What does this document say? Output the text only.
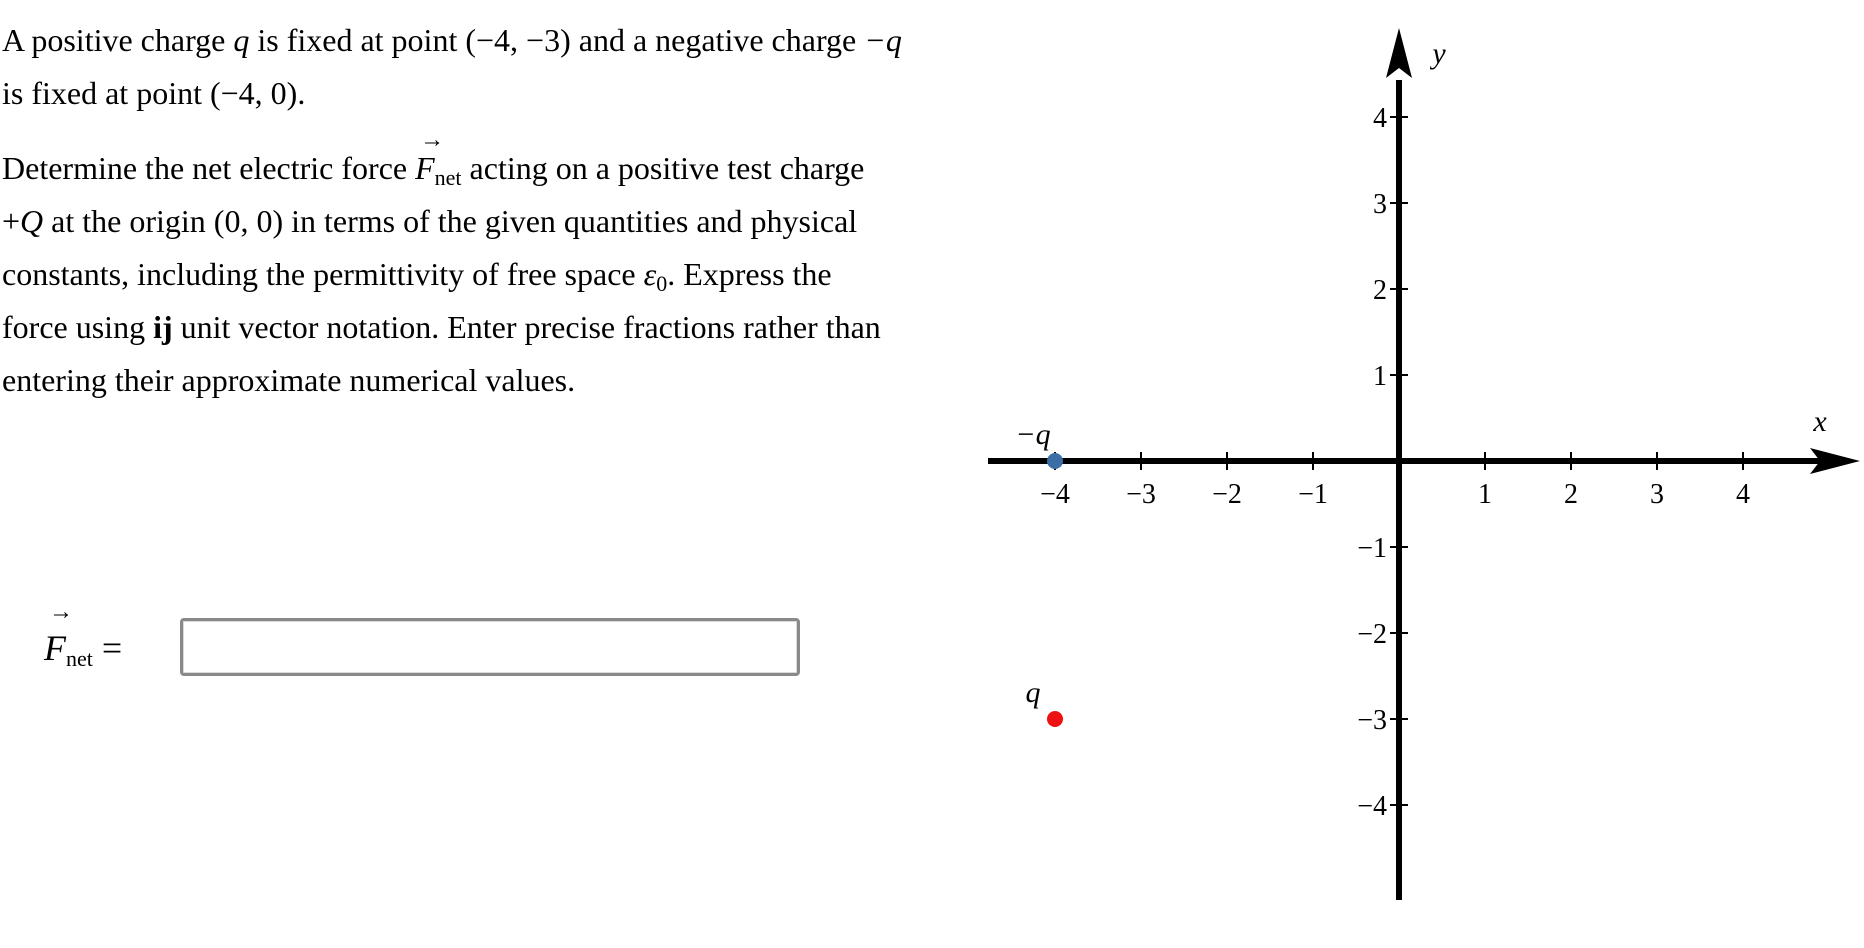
A positive charge q is fixed at point (−4, −3) and a negative charge −q is fixed at point (−4, 0).

Determine the net electric force → $F_{net}$ acting on a positive test charge +Q at the origin (0, 0) in terms of the given quantities and physical constants, including the permittivity of free space $\varepsilon_0$. Express the force using ij unit vector notation. Enter precise fractions rather than entering their approximate numerical values.

→ $F_{net}$ =
x
y
−4 −3 −2 −1	1	2	3	4
4
3
2
1
−1
−2
−3
−4
−q
q
